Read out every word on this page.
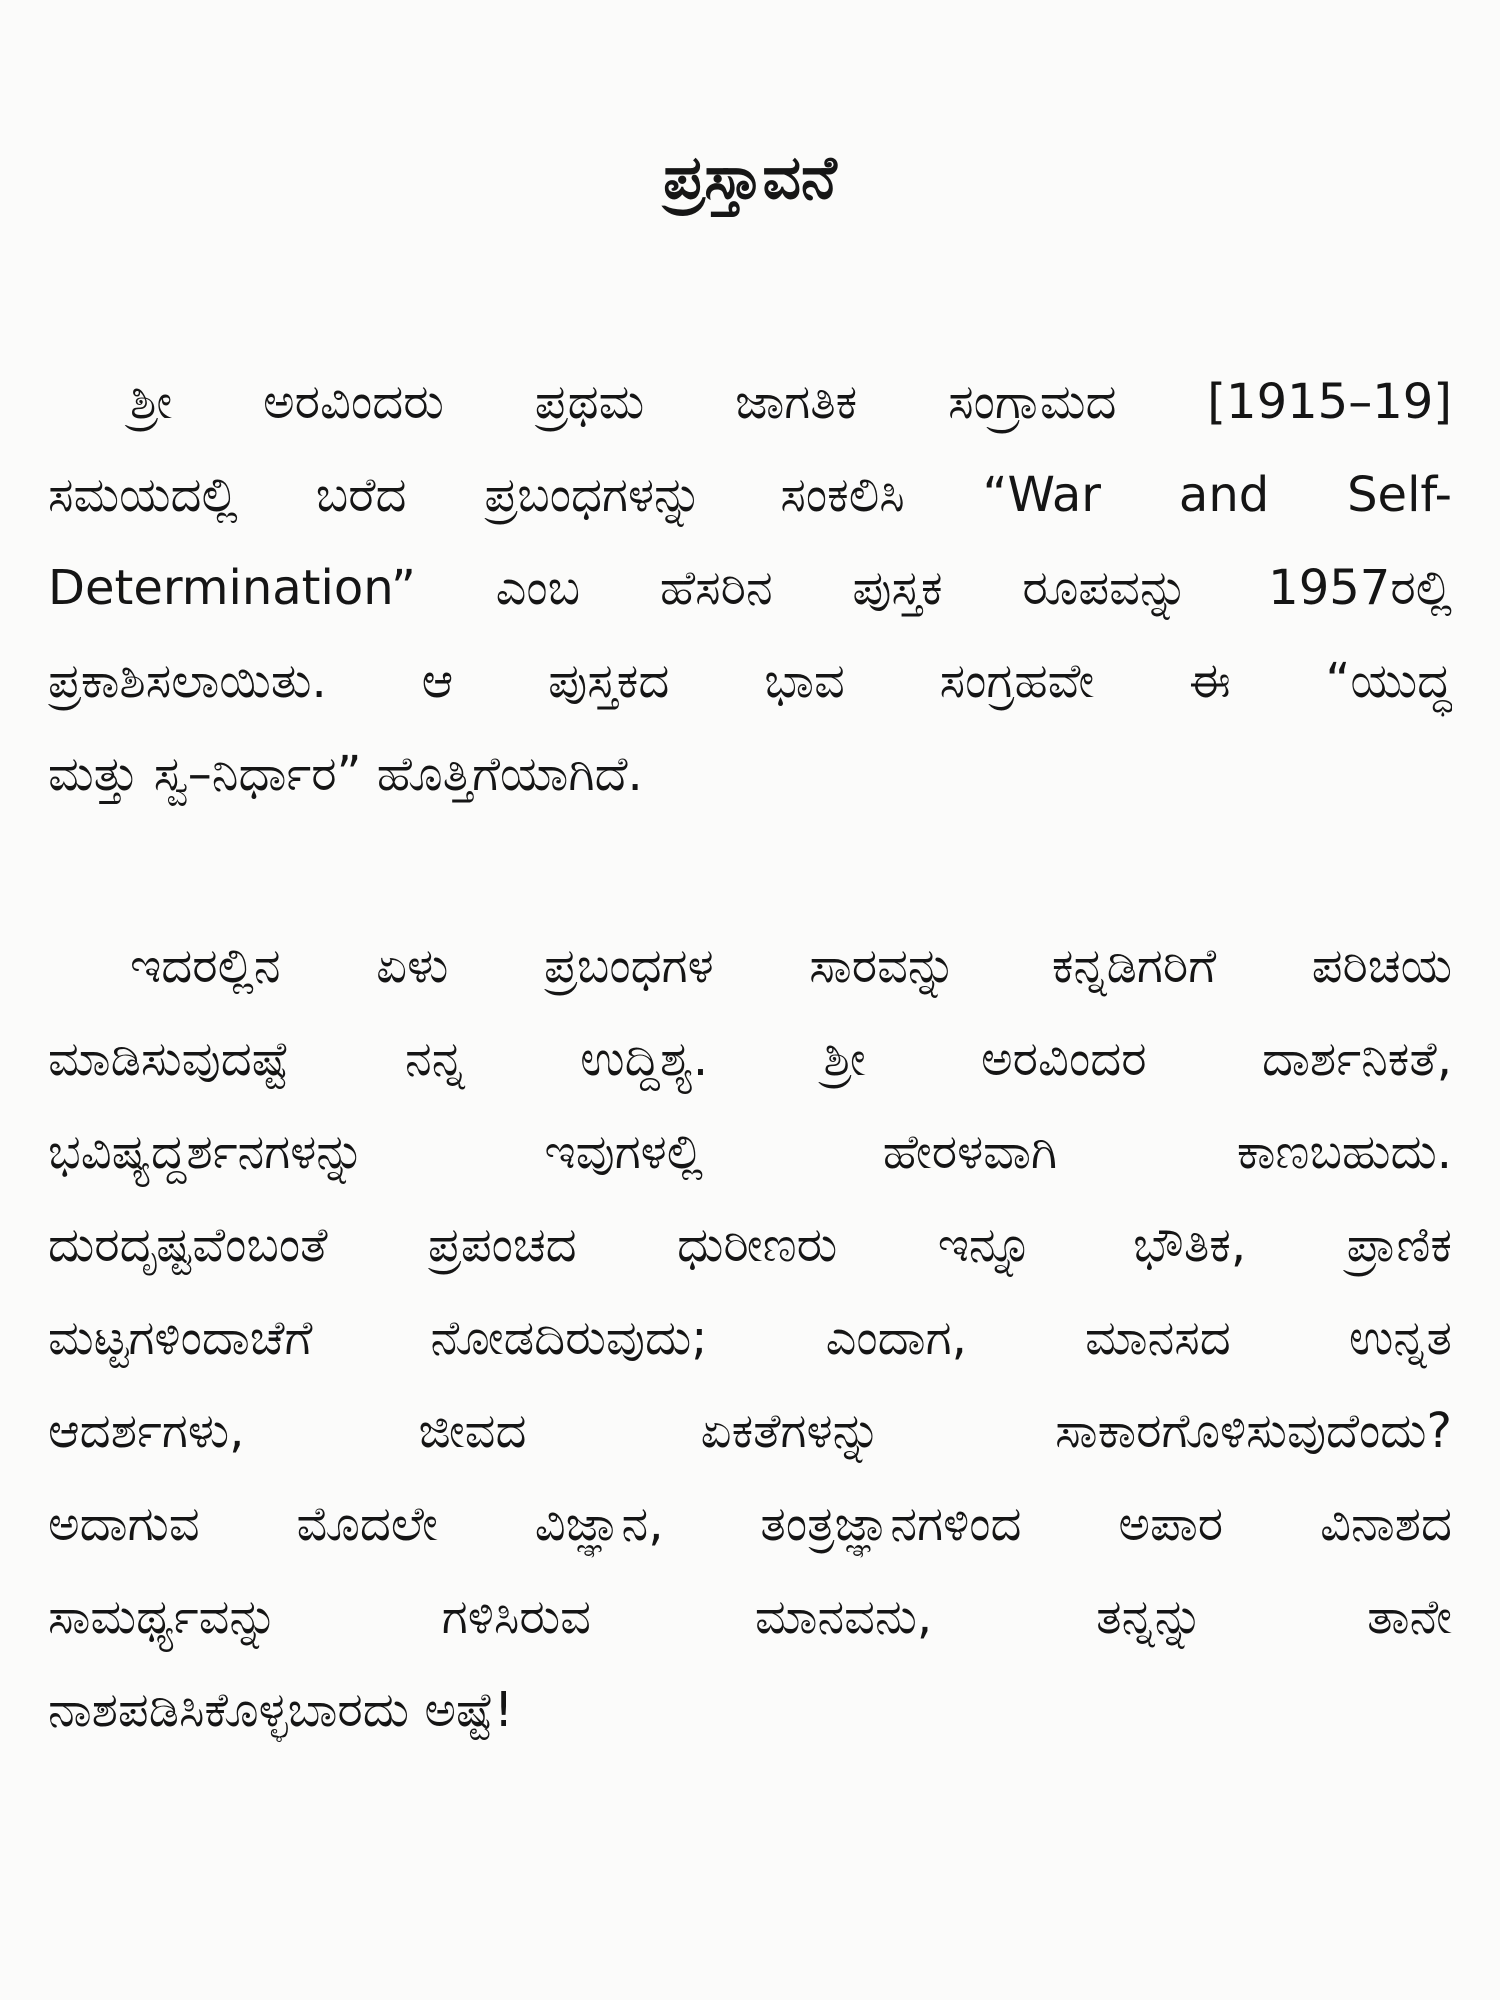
ಪ್ರಸ್ತಾವನೆ
ಶ್ರೀ ಅರವಿಂದರು ಪ್ರಥಮ ಜಾಗತಿಕ ಸಂಗ್ರಾಮದ [1915–19]
ಸಮಯದಲ್ಲಿ ಬರೆದ ಪ್ರಬಂಧಗಳನ್ನು ಸಂಕಲಿಸಿ “War and Self-
Determination” ಎಂಬ ಹೆಸರಿನ ಪುಸ್ತಕ ರೂಪವನ್ನು 1957ರಲ್ಲಿ
ಪ್ರಕಾಶಿಸಲಾಯಿತು. ಆ ಪುಸ್ತಕದ ಭಾವ ಸಂಗ್ರಹವೇ ಈ “ಯುದ್ಧ
ಮತ್ತು ಸ್ವ–ನಿರ್ಧಾರ” ಹೊತ್ತಿಗೆಯಾಗಿದೆ.
ಇದರಲ್ಲಿನ ಏಳು ಪ್ರಬಂಧಗಳ ಸಾರವನ್ನು ಕನ್ನಡಿಗರಿಗೆ ಪರಿಚಯ
ಮಾಡಿಸುವುದಷ್ಟೆ ನನ್ನ ಉದ್ದಿಶ್ಯ. ಶ್ರೀ ಅರವಿಂದರ ದಾರ್ಶನಿಕತೆ,
ಭವಿಷ್ಯದ್ದರ್ಶನಗಳನ್ನು ಇವುಗಳಲ್ಲಿ ಹೇರಳವಾಗಿ ಕಾಣಬಹುದು.
ದುರದೃಷ್ಟವೆಂಬಂತೆ ಪ್ರಪಂಚದ ಧುರೀಣರು ಇನ್ನೂ ಭೌತಿಕ, ಪ್ರಾಣಿಕ
ಮಟ್ಟಗಳಿಂದಾಚೆಗೆ ನೋಡದಿರುವುದು; ಎಂದಾಗ, ಮಾನಸದ ಉನ್ನತ
ಆದರ್ಶಗಳು, ಜೀವದ ಏಕತೆಗಳನ್ನು ಸಾಕಾರಗೊಳಿಸುವುದೆಂದು?
ಅದಾಗುವ ಮೊದಲೇ ವಿಜ್ಞಾನ, ತಂತ್ರಜ್ಞಾನಗಳಿಂದ ಅಪಾರ ವಿನಾಶದ
ಸಾಮರ್ಥ್ಯವನ್ನು ಗಳಿಸಿರುವ ಮಾನವನು, ತನ್ನನ್ನು ತಾನೇ
ನಾಶಪಡಿಸಿಕೊಳ್ಳಬಾರದು ಅಷ್ಟೆ!
